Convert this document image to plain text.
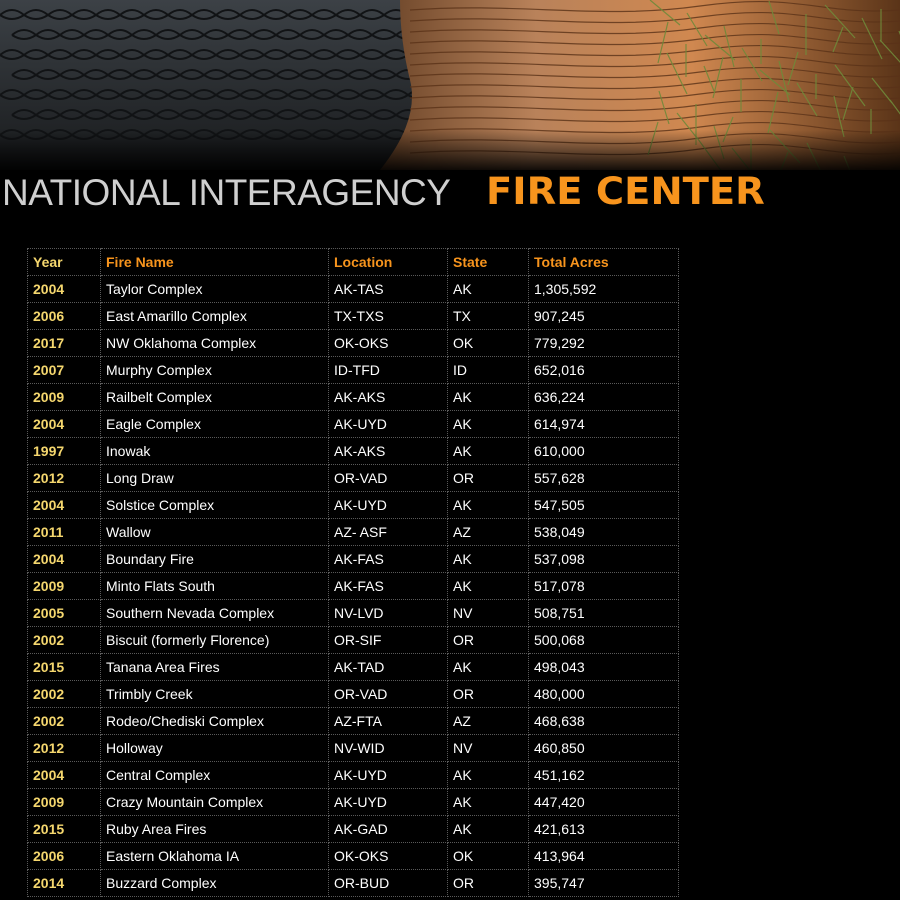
NATIONAL INTERAGENCY FIRE CENTER
Year	Fire Name	Location	State	Total Acres
2004	Taylor Complex	AK-TAS	AK	1,305,592
2006	East Amarillo Complex	TX-TXS	TX	907,245
2017	NW Oklahoma Complex	OK-OKS	OK	779,292
2007	Murphy Complex	ID-TFD	ID	652,016
2009	Railbelt Complex	AK-AKS	AK	636,224
2004	Eagle Complex	AK-UYD	AK	614,974
1997	Inowak	AK-AKS	AK	610,000
2012	Long Draw	OR-VAD	OR	557,628
2004	Solstice Complex	AK-UYD	AK	547,505
2011	Wallow	AZ- ASF	AZ	538,049
2004	Boundary Fire	AK-FAS	AK	537,098
2009	Minto Flats South	AK-FAS	AK	517,078
2005	Southern Nevada Complex	NV-LVD	NV	508,751
2002	Biscuit (formerly Florence)	OR-SIF	OR	500,068
2015	Tanana Area Fires	AK-TAD	AK	498,043
2002	Trimbly Creek	OR-VAD	OR	480,000
2002	Rodeo/Chediski Complex	AZ-FTA	AZ	468,638
2012	Holloway	NV-WID	NV	460,850
2004	Central Complex	AK-UYD	AK	451,162
2009	Crazy Mountain Complex	AK-UYD	AK	447,420
2015	Ruby Area Fires	AK-GAD	AK	421,613
2006	Eastern Oklahoma IA	OK-OKS	OK	413,964
2014	Buzzard Complex	OR-BUD	OR	395,747
